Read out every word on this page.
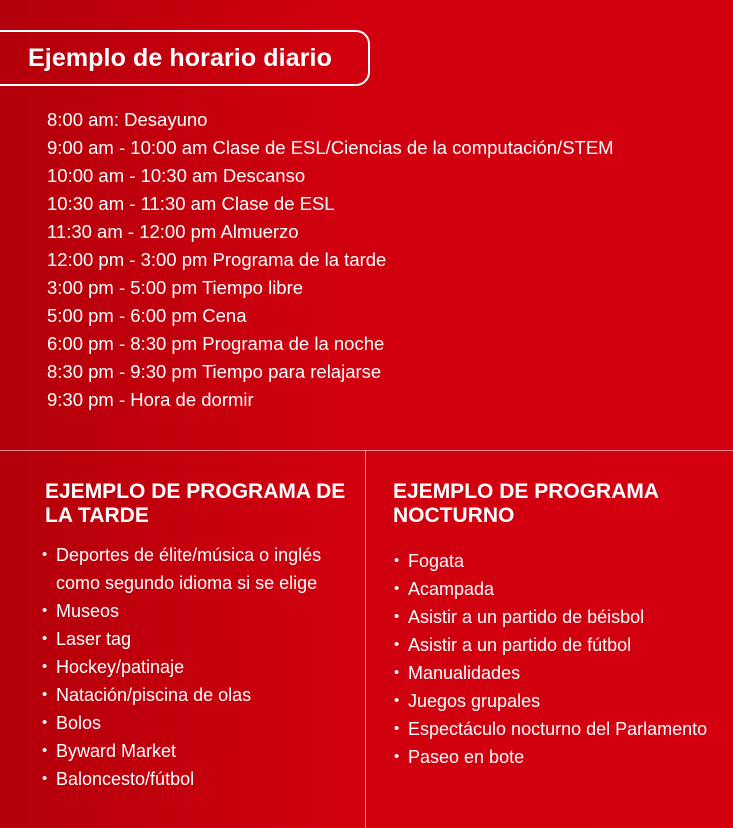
Ejemplo de horario diario
8:00 am: Desayuno
9:00 am - 10:00 am Clase de ESL/Ciencias de la computación/STEM
10:00 am - 10:30 am Descanso
10:30 am - 11:30 am Clase de ESL
11:30 am - 12:00 pm Almuerzo
12:00 pm - 3:00 pm Programa de la tarde
3:00 pm - 5:00 pm Tiempo libre
5:00 pm - 6:00 pm Cena
6:00 pm - 8:30 pm Programa de la noche
8:30 pm - 9:30 pm Tiempo para relajarse
9:30 pm - Hora de dormir
EJEMPLO DE PROGRAMA DE LA TARDE
• Deportes de élite/música o inglés como segundo idioma si se elige
• Museos
• Laser tag
• Hockey/patinaje
• Natación/piscina de olas
• Bolos
• Byward Market
• Baloncesto/fútbol
EJEMPLO DE PROGRAMA NOCTURNO
• Fogata
• Acampada
• Asistir a un partido de béisbol
• Asistir a un partido de fútbol
• Manualidades
• Juegos grupales
• Espectáculo nocturno del Parlamento
• Paseo en bote
